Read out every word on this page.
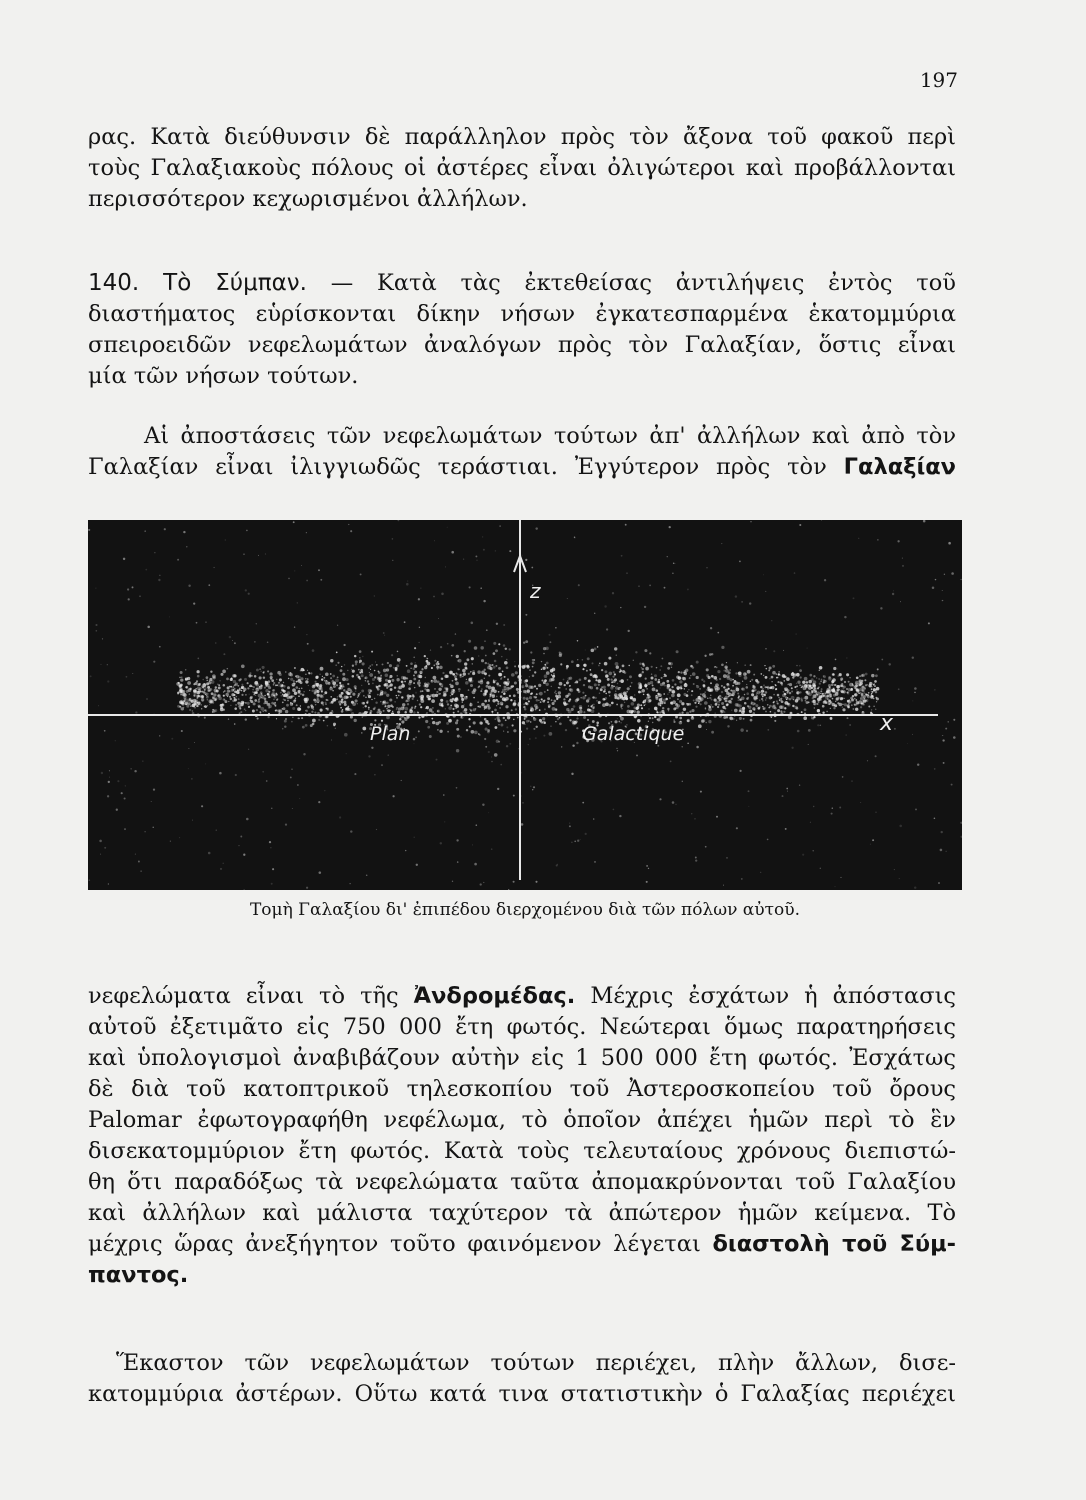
197
ρας. Κατὰ διεύθυνσιν δὲ παράλληλον πρὸς τὸν ἄξονα τοῦ φακοῦ περὶ
τοὺς Γαλαξιακοὺς πόλους οἱ ἀστέρες εἶναι ὀλιγώτεροι καὶ προβάλλονται
περισσότερον κεχωρισμένοι ἀλλήλων.
140. Τὸ Σύμπαν. — Κατὰ τὰς ἐκτεθείσας ἀντιλήψεις ἐντὸς τοῦ
διαστήματος εὑρίσκονται δίκην νήσων ἐγκατεσπαρμένα ἑκατομμύρια
σπειροειδῶν νεφελωμάτων ἀναλόγων πρὸς τὸν Γαλαξίαν, ὅστις εἶναι
μία τῶν νήσων τούτων.
Αἱ ἀποστάσεις τῶν νεφελωμάτων τούτων ἀπ' ἀλλήλων καὶ ἀπὸ τὸν
Γαλαξίαν εἶναι ἰλιγγιωδῶς τεράστιαι. Ἐγγύτερον πρὸς τὸν Γαλαξίαν
z
x
Plan	Galactique
Τομὴ Γαλαξίου δι' ἐπιπέδου διερχομένου διὰ τῶν πόλων αὐτοῦ.
νεφελώματα εἶναι τὸ τῆς Ἀνδρομέδας. Μέχρις ἐσχάτων ἡ ἀπόστασις
αὐτοῦ ἐξετιμᾶτο εἰς 750 000 ἔτη φωτός. Νεώτεραι ὅμως παρατηρήσεις
καὶ ὑπολογισμοὶ ἀναβιβάζουν αὐτὴν εἰς 1 500 000 ἔτη φωτός. Ἐσχάτως
δὲ διὰ τοῦ κατοπτρικοῦ τηλεσκοπίου τοῦ Ἀστεροσκοπείου τοῦ ὄρους
Palomar ἐφωτογραφήθη νεφέλωμα, τὸ ὁποῖον ἀπέχει ἡμῶν περὶ τὸ ἓν
δισεκατομμύριον ἔτη φωτός. Κατὰ τοὺς τελευταίους χρόνους διεπιστώ-
θη ὅτι παραδόξως τὰ νεφελώματα ταῦτα ἀπομακρύνονται τοῦ Γαλαξίου
καὶ ἀλλήλων καὶ μάλιστα ταχύτερον τὰ ἀπώτερον ἡμῶν κείμενα. Τὸ
μέχρις ὥρας ἀνεξήγητον τοῦτο φαινόμενον λέγεται διαστολὴ τοῦ Σύμ-
παντος.
Ἕκαστον τῶν νεφελωμάτων τούτων περιέχει, πλὴν ἄλλων, δισε-
κατομμύρια ἀστέρων. Οὕτω κατά τινα στατιστικὴν ὁ Γαλαξίας περιέχει
